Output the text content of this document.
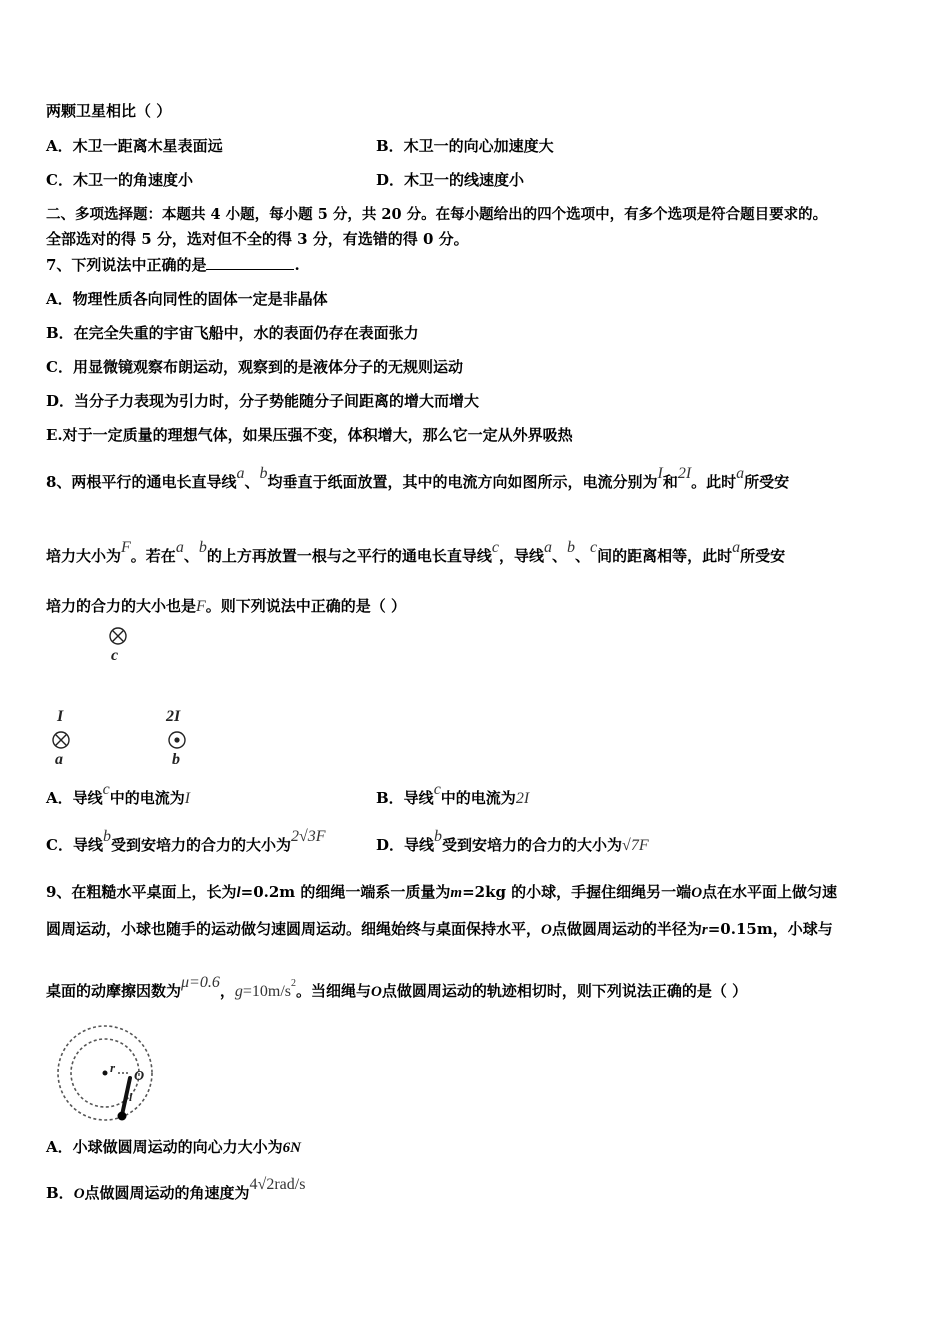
两颗卫星相比（ ）
A．木卫一距离木星表面远	B．木卫一的向心加速度大
C．木卫一的角速度小	D．木卫一的线速度小
二、多项选择题：本题共 4 小题，每小题 5 分，共 20 分。在每小题给出的四个选项中，有多个选项是符合题目要求的。
全部选对的得 5 分，选对但不全的得 3 分，有选错的得 0 分。
7、下列说法中正确的是	.
A．物理性质各向同性的固体一定是非晶体
B．在完全失重的宇宙飞船中，水的表面仍存在表面张力
C．用显微镜观察布朗运动，观察到的是液体分子的无规则运动
D．当分子力表现为引力时，分子势能随分子间距离的增大而增大
E.对于一定质量的理想气体，如果压强不变，体积增大，那么它一定从外界吸热
8、两根平行的通电长直导线a、b均垂直于纸面放置，其中的电流方向如图所示，电流分别为I和2I。此时a所受安
培力大小为F。若在a、b的上方再放置一根与之平行的通电长直导线c，导线a、b、c间的距离相等，此时a所受安
培力的合力的大小也是F。则下列说法中正确的是（ ）
c
I
a
2I
b
A．导线c中的电流为I	B．导线c中的电流为2I
C．导线b受到安培力的合力的大小为2√3F	D．导线b受到安培力的合力的大小为√7F
9、在粗糙水平桌面上，长为l=0.2m 的细绳一端系一质量为m=2kg 的小球，手握住细绳另一端O点在水平面上做匀速
圆周运动，小球也随手的运动做匀速圆周运动。细绳始终与桌面保持水平，O点做圆周运动的半径为r=0.15m，小球与
桌面的动摩擦因数为μ=0.6，$g=10m/s^2$。当细绳与O点做圆周运动的轨迹相切时，则下列说法正确的是（ ）
r
O
l
A．小球做圆周运动的向心力大小为6N
B．O点做圆周运动的角速度为4√2rad/s
